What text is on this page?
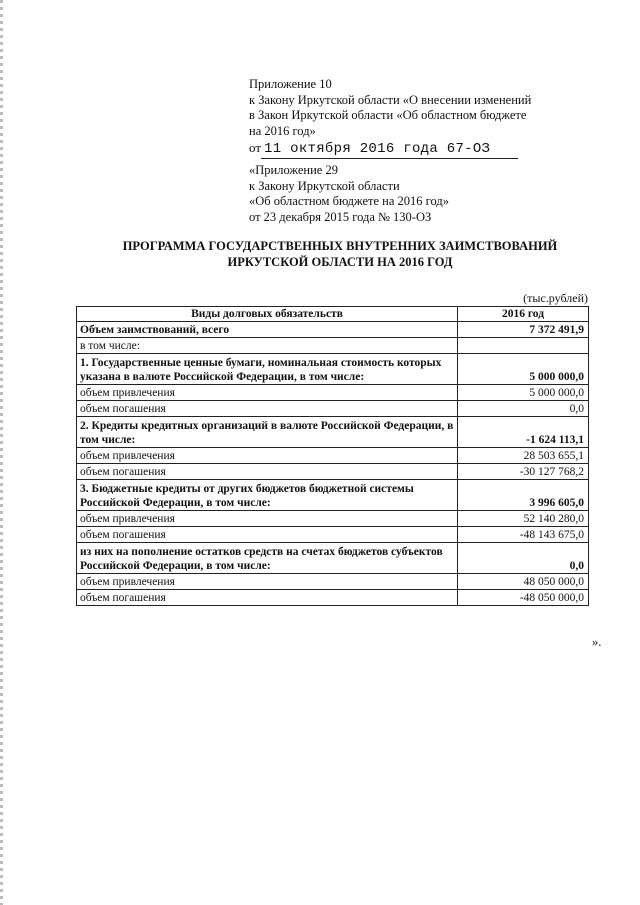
Приложение 10
к Закону Иркутской области «О внесении изменений
в Закон Иркутской области «Об областном бюджете
на 2016 год»
от 11 октября 2016 года 67-ОЗ
«Приложение 29
к Закону Иркутской области
«Об областном бюджете на 2016 год»
от 23 декабря 2015 года № 130-ОЗ
ПРОГРАММА ГОСУДАРСТВЕННЫХ ВНУТРЕННИХ ЗАИМСТВОВАНИЙ
ИРКУТСКОЙ ОБЛАСТИ НА 2016 ГОД
(тыс.рублей)
Виды долговых обязательств	2016 год
Объем заимствований, всего	7 372 491,9
в том числе:	
1. Государственные ценные бумаги, номинальная стоимость которых указана в валюте Российской Федерации, в том числе:	5 000 000,0
объем привлечения	5 000 000,0
объем погашения	0,0
2. Кредиты кредитных организаций в валюте Российской Федерации, в том числе:	-1 624 113,1
объем привлечения	28 503 655,1
объем погашения	-30 127 768,2
3. Бюджетные кредиты от других бюджетов бюджетной системы Российской Федерации, в том числе:	3 996 605,0
объем привлечения	52 140 280,0
объем погашения	-48 143 675,0
из них на пополнение остатков средств на счетах бюджетов субъектов Российской Федерации, в том числе:	0,0
объем привлечения	48 050 000,0
объем погашения	-48 050 000,0
».
